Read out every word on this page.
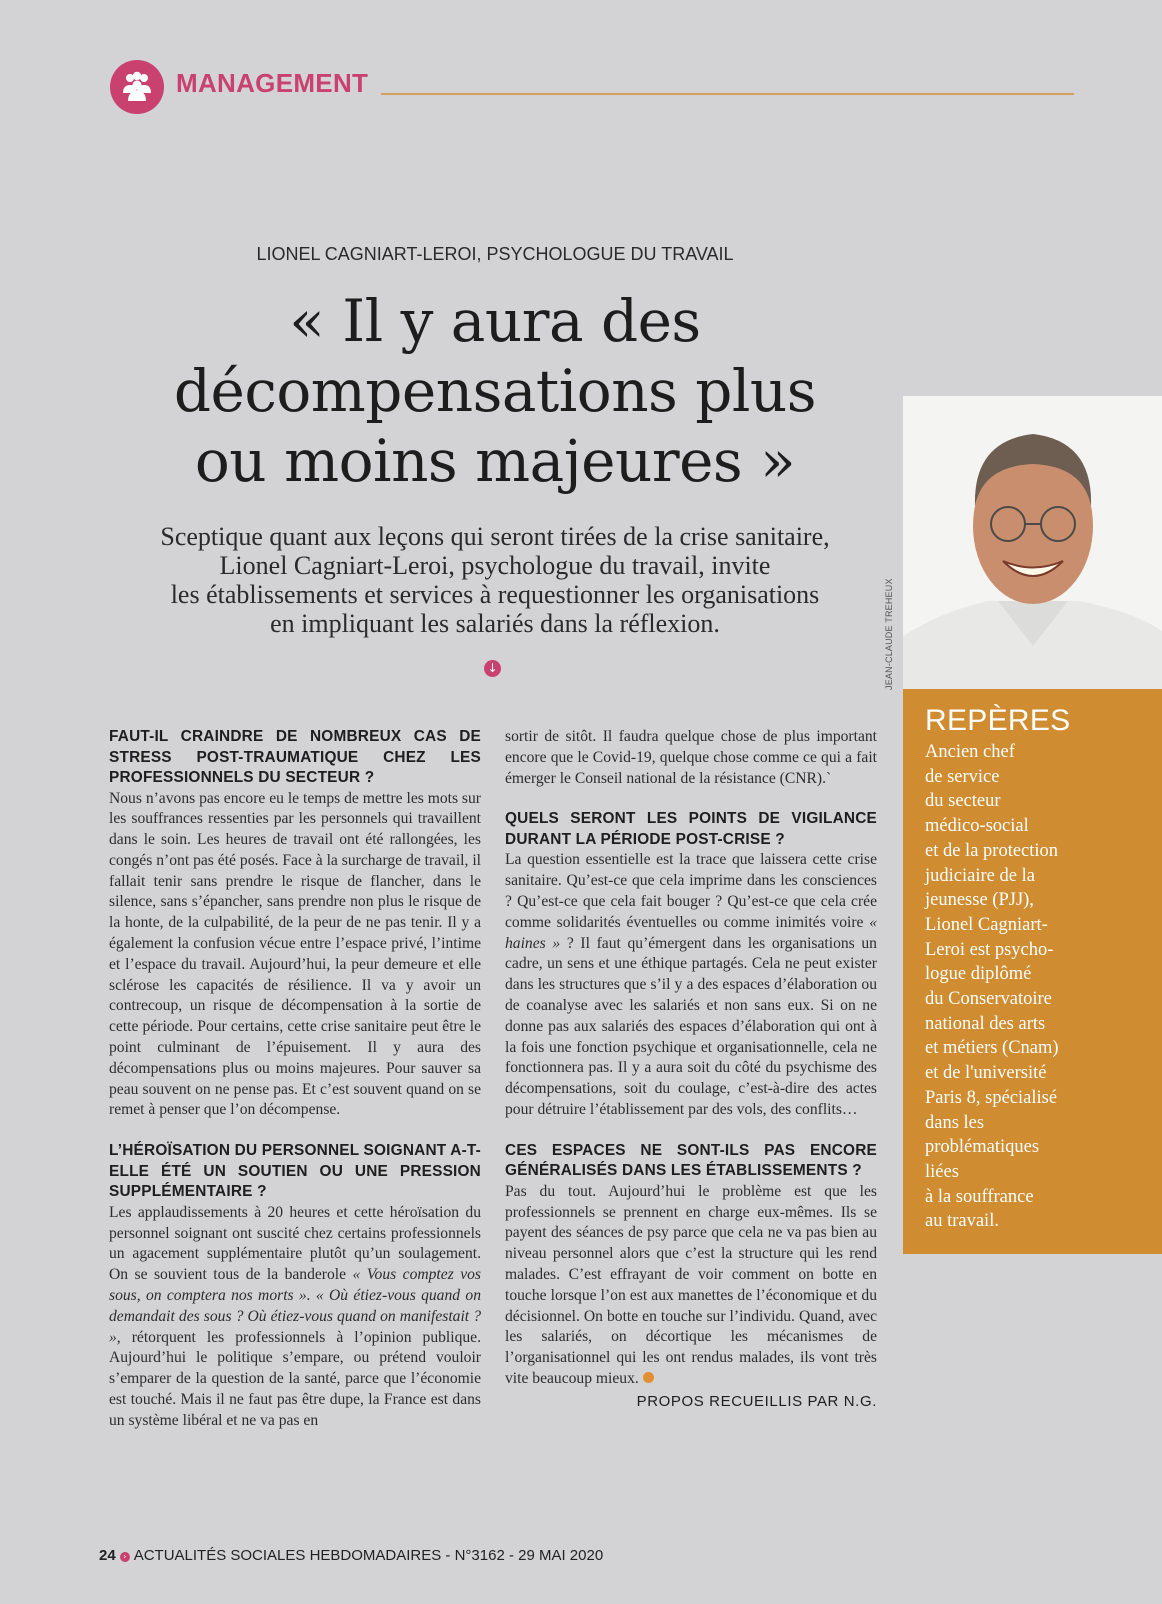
MANAGEMENT
LIONEL CAGNIART-LEROI, PSYCHOLOGUE DU TRAVAIL
« Il y aura des
décompensations plus
ou moins majeures »
Sceptique quant aux leçons qui seront tirées de la crise sanitaire,
Lionel Cagniart-Leroi, psychologue du travail, invite
les établissements et services à requestionner les organisations
en impliquant les salariés dans la réflexion.
↓	JEAN-CLAUDE TREHEUX
REPÈRES
Ancien chef
de service
du secteur
médico-social
et de la protection
judiciaire de la
jeunesse (PJJ),
Lionel Cagniart-
Leroi est psycho-
logue diplômé
du Conservatoire
national des arts
et métiers (Cnam)
et de l'université
Paris 8, spécialisé
dans les
problématiques
liées
à la souffrance
au travail.

FAUT-IL CRAINDRE DE NOMBREUX CAS DE STRESS POST-TRAUMATIQUE CHEZ LES PROFESSIONNELS DU SECTEUR ?

Nous n’avons pas encore eu le temps de mettre les mots sur les souffrances ressenties par les personnels qui travaillent dans le soin. Les heures de travail ont été rallongées, les congés n’ont pas été posés. Face à la surcharge de travail, il fallait tenir sans prendre le risque de flancher, dans le silence, sans s’épancher, sans prendre non plus le risque de la honte, de la culpabilité, de la peur de ne pas tenir. Il y a également la confusion vécue entre l’espace privé, l’intime et l’espace du travail. Aujourd’hui, la peur demeure et elle sclérose les capacités de résilience. Il va y avoir un contrecoup, un risque de décompensation à la sortie de cette période. Pour certains, cette crise sanitaire peut être le point culminant de l’épuisement. Il y aura des décompensations plus ou moins majeures. Pour sauver sa peau souvent on ne pense pas. Et c’est souvent quand on se remet à penser que l’on décompense.

L’HÉROÏSATION DU PERSONNEL SOIGNANT A-T-ELLE ÉTÉ UN SOUTIEN OU UNE PRESSION SUPPLÉMENTAIRE ?

Les applaudissements à 20 heures et cette héroïsation du personnel soignant ont suscité chez certains professionnels un agacement supplémentaire plutôt qu’un soulagement. On se souvient tous de la banderole « Vous comptez vos sous, on comptera nos morts ». « Où étiez-vous quand on demandait des sous ? Où étiez-vous quand on manifestait ? », rétorquent les professionnels à l’opinion publique. Aujourd’hui le politique s’empare, ou prétend vouloir s’emparer de la question de la santé, parce que l’économie est touché. Mais il ne faut pas être dupe, la France est dans un système libéral et ne va pas en

sortir de sitôt. Il faudra quelque chose de plus important encore que le Covid-19, quelque chose comme ce qui a fait émerger le Conseil national de la résistance (CNR).`

QUELS SERONT LES POINTS DE VIGILANCE DURANT LA PÉRIODE POST-CRISE ?

La question essentielle est la trace que laissera cette crise sanitaire. Qu’est-ce que cela imprime dans les consciences ? Qu’est-ce que cela fait bouger ? Qu’est-ce que cela crée comme solidarités éventuelles ou comme inimités voire « haines » ? Il faut qu’émergent dans les organisations un cadre, un sens et une éthique partagés. Cela ne peut exister dans les structures que s’il y a des espaces d’élaboration ou de coanalyse avec les salariés et non sans eux. Si on ne donne pas aux salariés des espaces d’élaboration qui ont à la fois une fonction psychique et organisationnelle, cela ne fonctionnera pas. Il y a aura soit du côté du psychisme des décompensations, soit du coulage, c’est-à-dire des actes pour détruire l’établissement par des vols, des conflits…

CES ESPACES NE SONT-ILS PAS ENCORE GÉNÉRALISÉS DANS LES ÉTABLISSEMENTS ?

Pas du tout. Aujourd’hui le problème est que les professionnels se prennent en charge eux-mêmes. Ils se payent des séances de psy parce que cela ne va pas bien au niveau personnel alors que c’est la structure qui les rend malades. C’est effrayant de voir comment on botte en touche lorsque l’on est aux manettes de l’économique et du décisionnel. On botte en touche sur l’individu. Quand, avec les salariés, on décortique les mécanismes de l’organisationnel qui les ont rendus malades, ils vont très vite beaucoup mieux.

PROPOS RECUEILLIS PAR N.G.
24 › ACTUALITÉS SOCIALES HEBDOMADAIRES - N°3162 - 29 MAI 2020
